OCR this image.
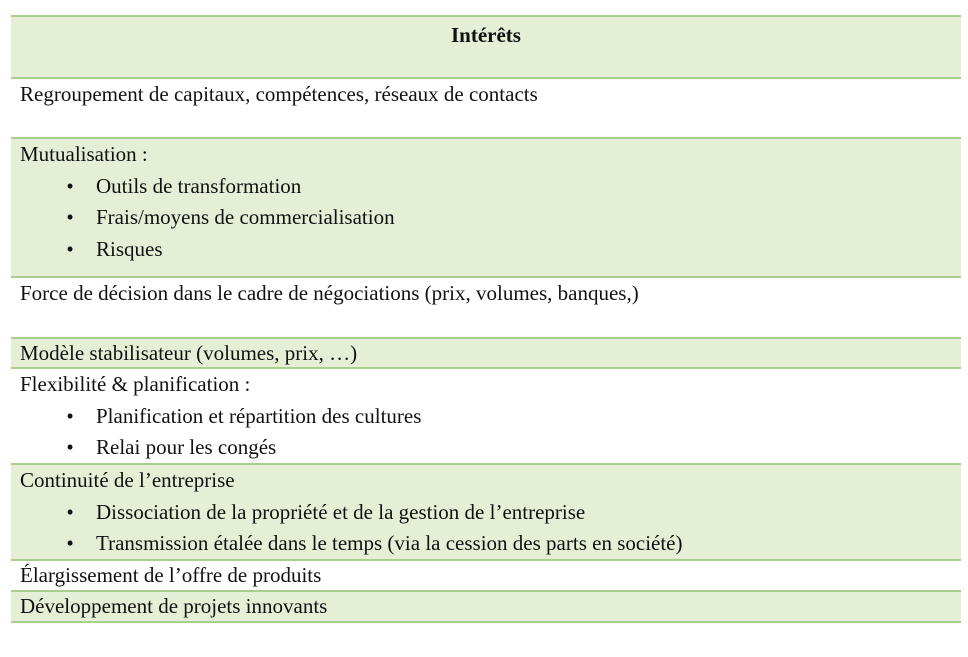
Intérêts
Regroupement de capitaux, compétences, réseaux de contacts
Mutualisation :
•	Outils de transformation
•	Frais/moyens de commercialisation
•	Risques
Force de décision dans le cadre de négociations (prix, volumes, banques,)
Modèle stabilisateur (volumes, prix, …)
Flexibilité & planification :
•	Planification et répartition des cultures
•	Relai pour les congés
Continuité de l’entreprise
•	Dissociation de la propriété et de la gestion de l’entreprise
•	Transmission étalée dans le temps (via la cession des parts en société)
Élargissement de l’offre de produits
Développement de projets innovants
